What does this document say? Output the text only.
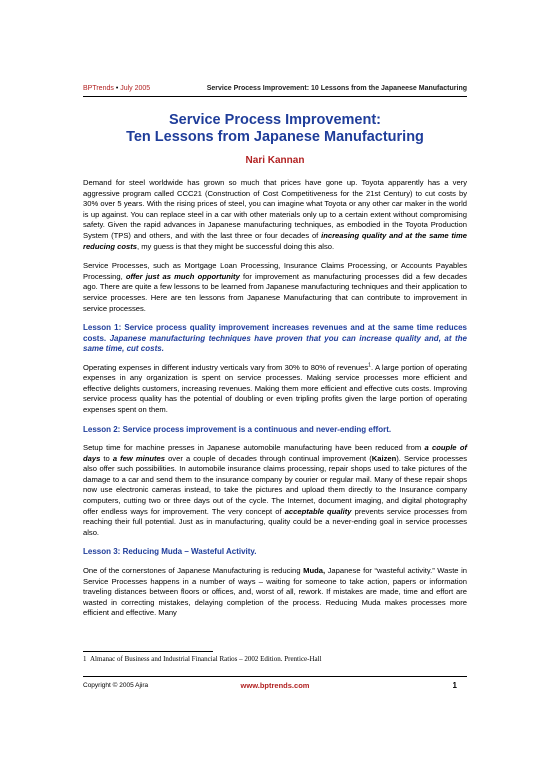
BPTrends • July 2005	Service Process Improvement: 10 Lessons from the Japaneese Manufacturing
Service Process Improvement:
Ten Lessons from Japanese Manufacturing
Nari Kannan

Demand for steel worldwide has grown so much that prices have gone up. Toyota apparently has a very aggressive program called CCC21 (Construction of Cost Competitiveness for the 21st Century) to cut costs by 30% over 5 years. With the rising prices of steel, you can imagine what Toyota or any other car maker in the world is up against. You can replace steel in a car with other materials only up to a certain extent without compromising safety. Given the rapid advances in Japanese manufacturing techniques, as embodied in the Toyota Production System (TPS) and others, and with the last three or four decades of increasing quality and at the same time reducing costs, my guess is that they might be successful doing this also.

Service Processes, such as Mortgage Loan Processing, Insurance Claims Processing, or Accounts Payables Processing, offer just as much opportunity for improvement as manufacturing processes did a few decades ago. There are quite a few lessons to be learned from Japanese manufacturing techniques and their application to service processes. Here are ten lessons from Japanese Manufacturing that can contribute to improvement in service processes.

Lesson 1: Service process quality improvement increases revenues and at the same time reduces costs. Japanese manufacturing techniques have proven that you can increase quality and, at the same time, cut costs.

Operating expenses in different industry verticals vary from 30% to 80% of revenues$^1$. A large portion of operating expenses in any organization is spent on service processes. Making service processes more efficient and effective delights customers, increasing revenues. Making them more efficient and effective cuts costs. Improving service process quality has the potential of doubling or even tripling profits given the large portion of operating expenses spent on them.

Lesson 2: Service process improvement is a continuous and never-ending effort.

Setup time for machine presses in Japanese automobile manufacturing have been reduced from a couple of days to a few minutes over a couple of decades through continual improvement (Kaizen). Service processes also offer such possibilities. In automobile insurance claims processing, repair shops used to take pictures of the damage to a car and send them to the insurance company by courier or regular mail. Many of these repair shops now use electronic cameras instead, to take the pictures and upload them directly to the Insurance company computers, cutting two or three days out of the cycle. The Internet, document imaging, and digital photography offer endless ways for improvement. The very concept of acceptable quality prevents service processes from reaching their full potential. Just as in manufacturing, quality could be a never-ending goal in service processes also.

Lesson 3: Reducing Muda – Wasteful Activity.

One of the cornerstones of Japanese Manufacturing is reducing Muda, Japanese for “wasteful activity.” Waste in Service Processes happens in a number of ways – waiting for someone to take action, papers or information traveling distances between floors or offices, and, worst of all, rework. If mistakes are made, time and effort are wasted in correcting mistakes, delaying completion of the process. Reducing Muda makes processes more efficient and effective. Many

1 Almanac of Business and Industrial Financial Ratios – 2002 Edition. Prentice-Hall
Copyright © 2005 Ajira	www.bptrends.com	1
